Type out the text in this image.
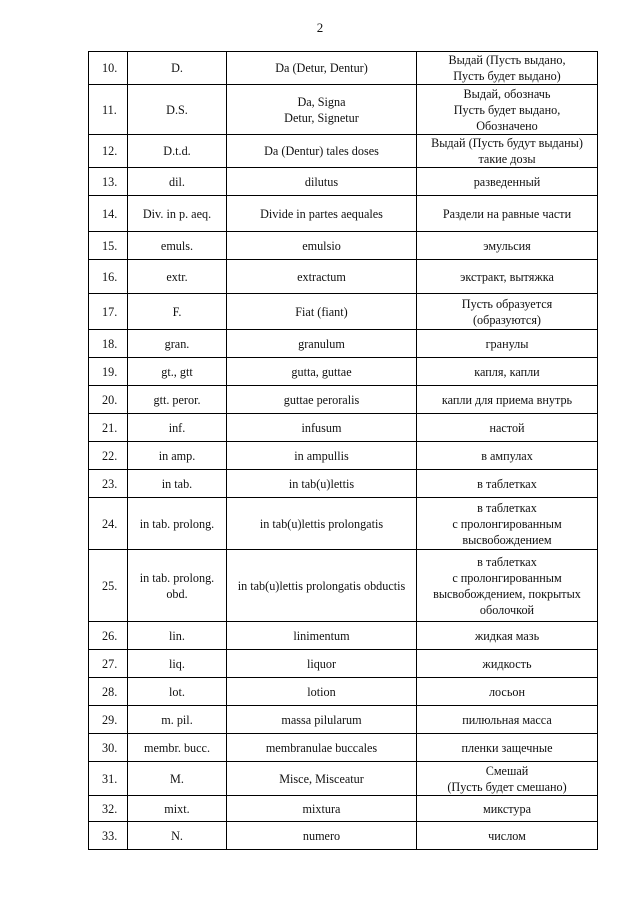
2
10.	D.	Da (Detur, Dentur)	Выдай (Пусть выдано,
Пусть будет выдано)
11.	D.S.	Da, Signa
Detur, Signetur	Выдай, обозначь
Пусть будет выдано,
Обозначено
12.	D.t.d.	Da (Dentur) tales doses	Выдай (Пусть будут выданы)
такие дозы
13.	dil.	dilutus	разведенный
14.	Div. in p. aeq.	Divide in partes aequales	Раздели на равные части
15.	emuls.	emulsio	эмульсия
16.	extr.	extractum	экстракт, вытяжка
17.	F.	Fiat (fiant)	Пусть образуется
(образуются)
18.	gran.	granulum	гранулы
19.	gt., gtt	gutta, guttae	капля, капли
20.	gtt. peror.	guttae peroralis	капли для приема внутрь
21.	inf.	infusum	настой
22.	in amp.	in ampullis	в ампулах
23.	in tab.	in tab(u)lettis	в таблетках
24.	in tab. prolong.	in tab(u)lettis prolongatis	в таблетках
с пролонгированным
высвобождением
25.	in tab. prolong.
obd.	in tab(u)lettis prolongatis obductis	в таблетках
с пролонгированным
высвобождением, покрытых
оболочкой
26.	lin.	linimentum	жидкая мазь
27.	liq.	liquor	жидкость
28.	lot.	lotion	лосьон
29.	m. pil.	massa pilularum	пилюльная масса
30.	membr. bucc.	membranulae buccales	пленки защечные
31.	M.	Misce, Misceatur	Смешай
(Пусть будет смешано)
32.	mixt.	mixtura	микстура
33.	N.	numero	числом
